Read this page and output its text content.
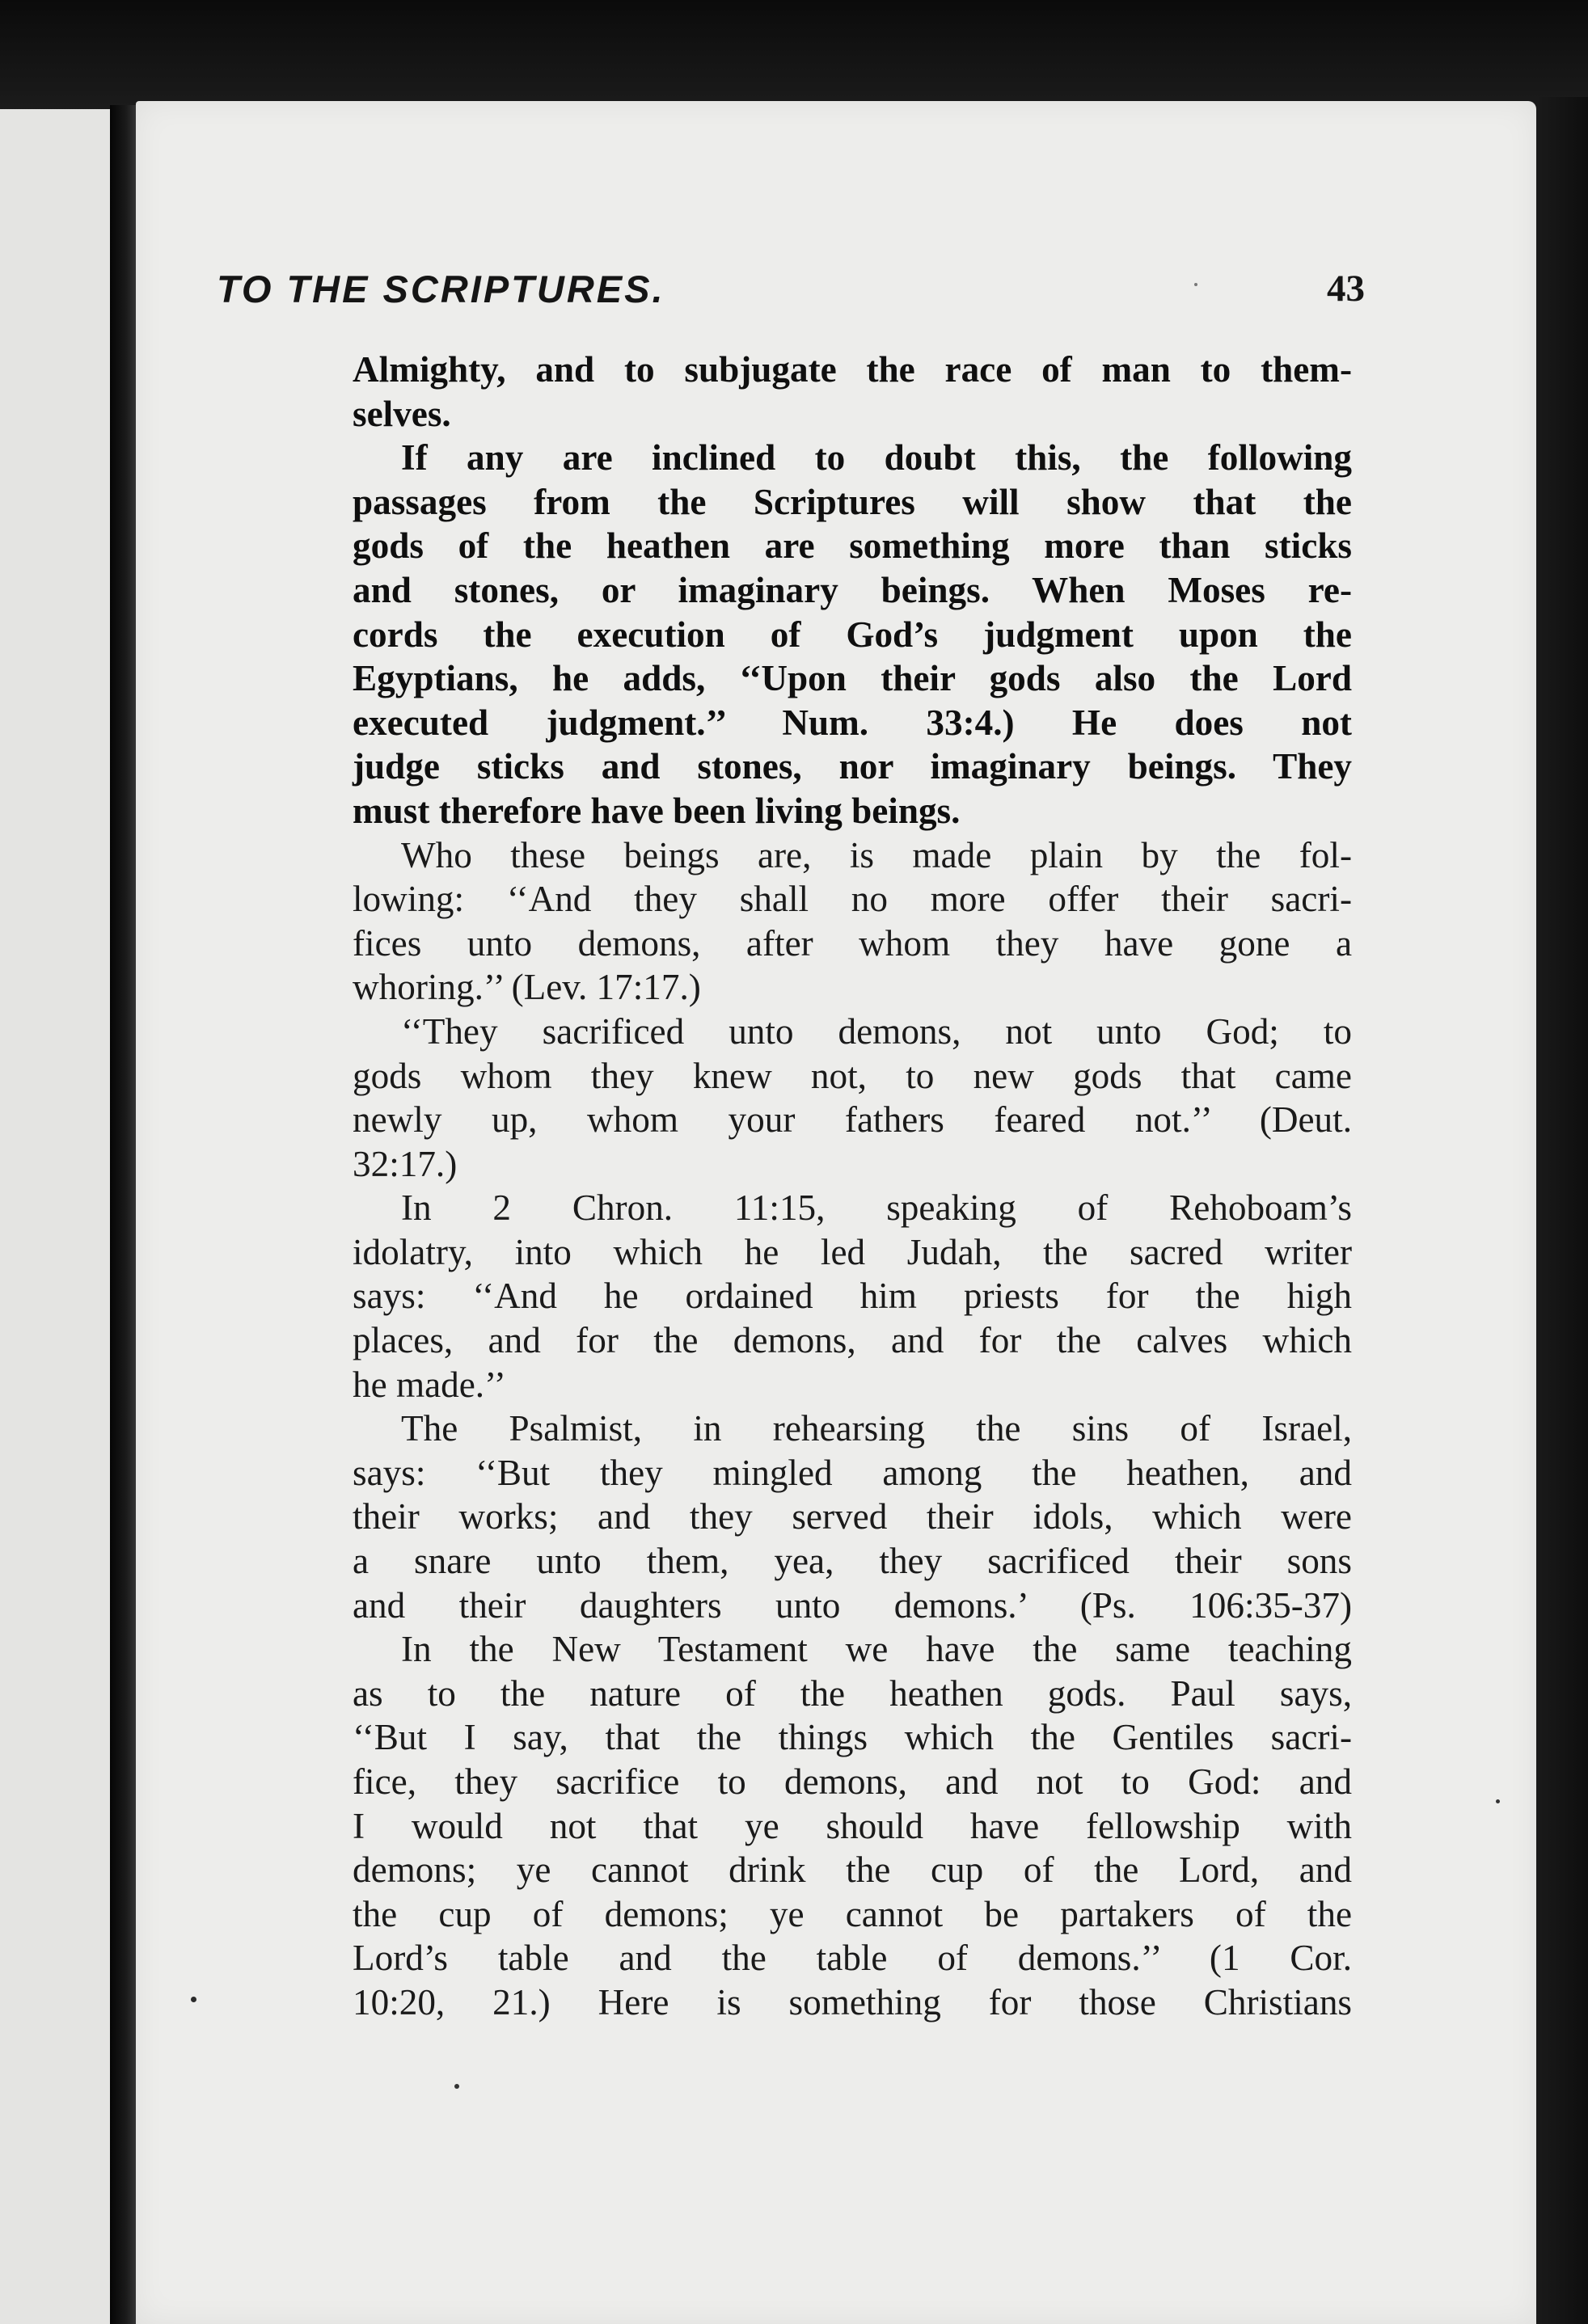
TO THE SCRIPTURES.	43
Almighty, and to subjugate the race of man to them-
selves.
If any are inclined to doubt this, the following
passages from the Scriptures will show that the
gods of the heathen are something more than sticks
and stones, or imaginary beings. When Moses re-
cords the execution of God’s judgment upon the
Egyptians, he adds, ‘‘Upon their gods also the Lord
executed judgment.’’ Num. 33:4.) He does not
judge sticks and stones, nor imaginary beings. They
must therefore have been living beings.
Who these beings are, is made plain by the fol-
lowing: ‘‘And they shall no more offer their sacri-
fices unto demons, after whom they have gone a
whoring.’’ (Lev. 17:17.)
‘‘They sacrificed unto demons, not unto God; to
gods whom they knew not, to new gods that came
newly up, whom your fathers feared not.’’ (Deut.
32:17.)
In 2 Chron. 11:15, speaking of Rehoboam’s
idolatry, into which he led Judah, the sacred writer
says: ‘‘And he ordained him priests for the high
places, and for the demons, and for the calves which
he made.’’
The Psalmist, in rehearsing the sins of Israel,
says: ‘‘But they mingled among the heathen, and
their works; and they served their idols, which were
a snare unto them, yea, they sacrificed their sons
and their daughters unto demons.’ (Ps. 106:35-37)
In the New Testament we have the same teaching
as to the nature of the heathen gods. Paul says,
‘‘But I say, that the things which the Gentiles sacri-
fice, they sacrifice to demons, and not to God: and
I would not that ye should have fellowship with
demons; ye cannot drink the cup of the Lord, and
the cup of demons; ye cannot be partakers of the
Lord’s table and the table of demons.’’ (1 Cor.
10:20, 21.) Here is something for those Christians
